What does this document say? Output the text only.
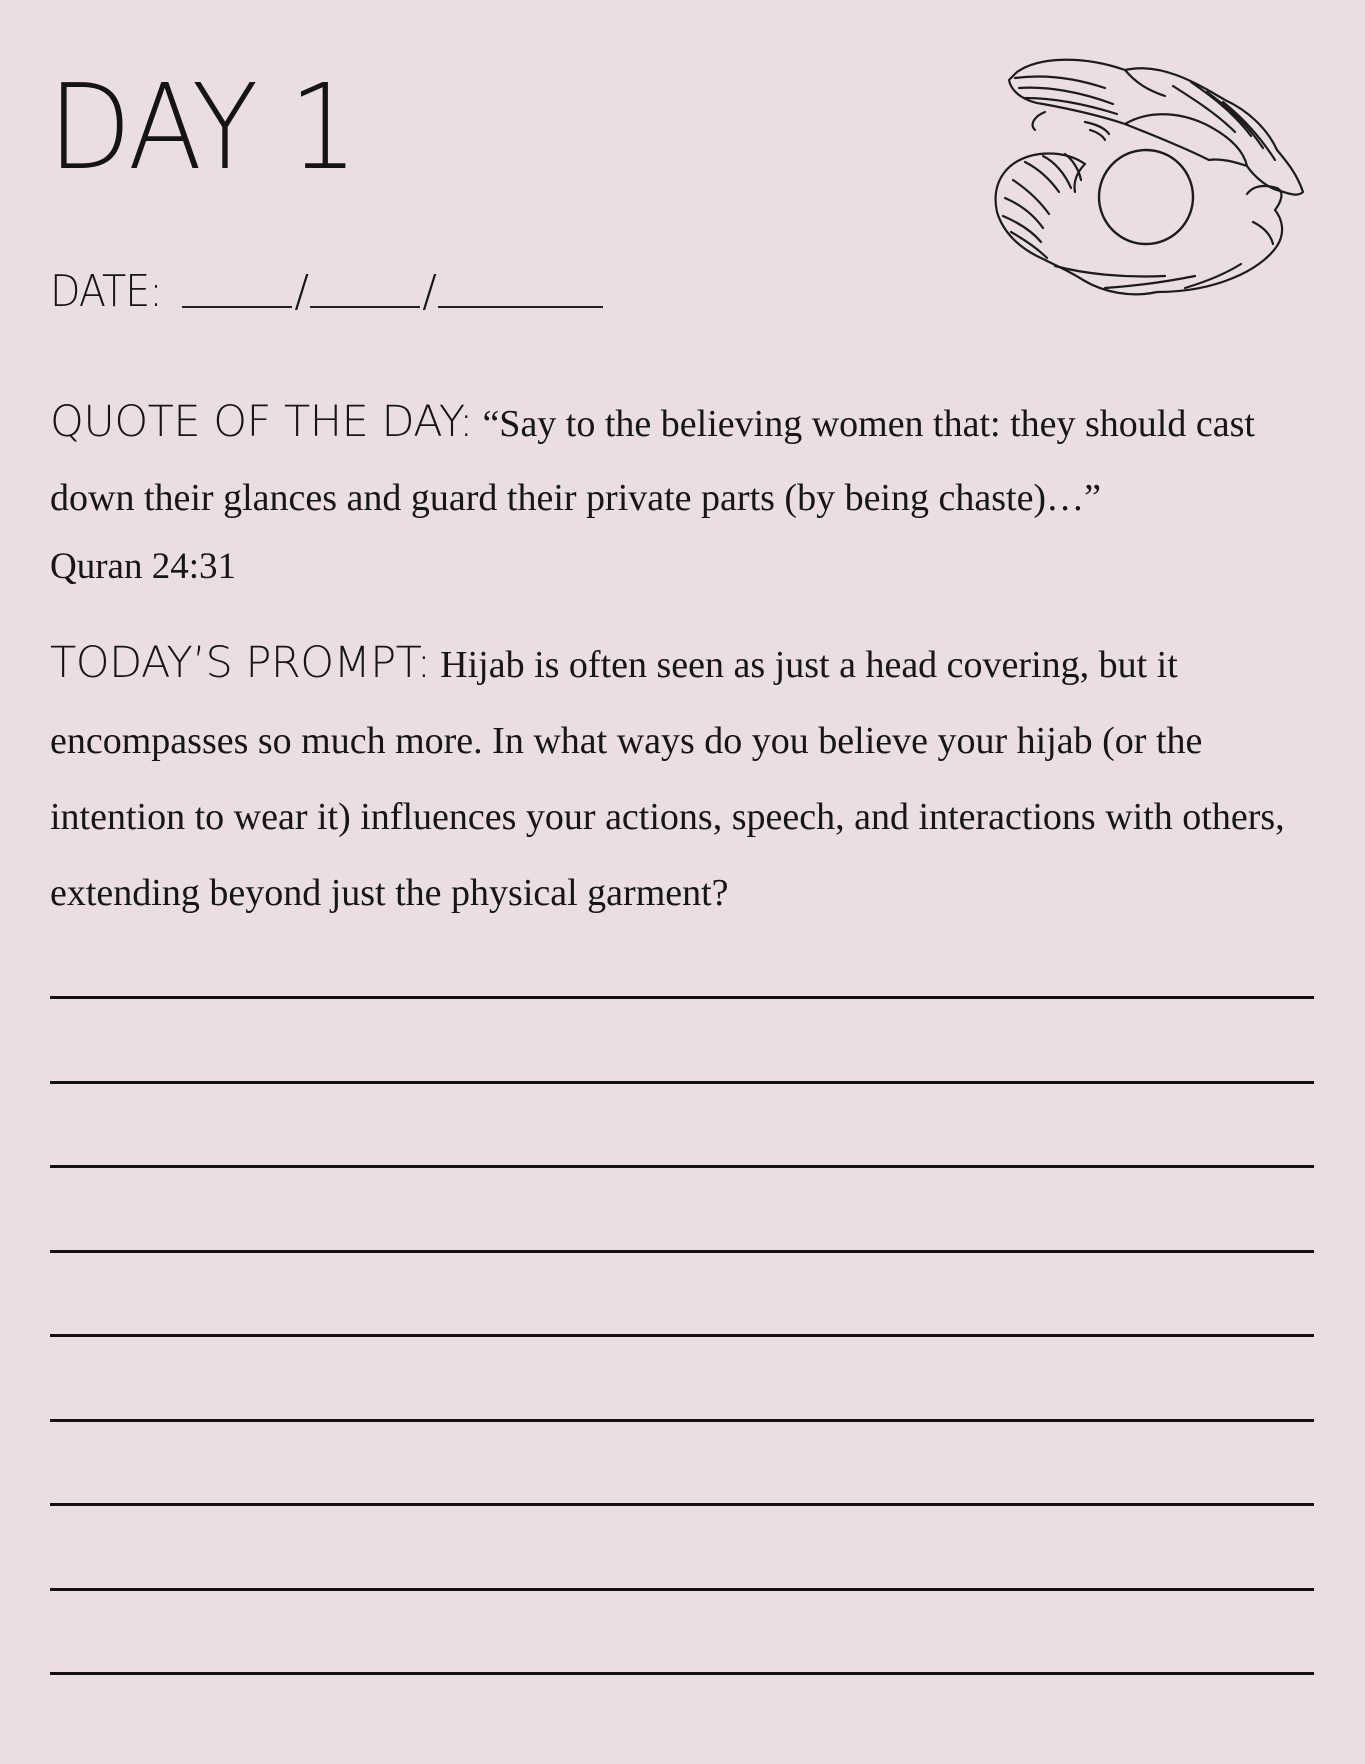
DAY 1
DATE:	/	/
QUOTE OF THE DAY: “Say to the believing women that: they should cast down their glances and guard their private parts (by being chaste)…”
Quran 24:31
TODAY’S PROMPT: Hijab is often seen as just a head covering, but it encompasses so much more. In what ways do you believe your hijab (or the intention to wear it) influences your actions, speech, and interactions with others, extending beyond just the physical garment?
